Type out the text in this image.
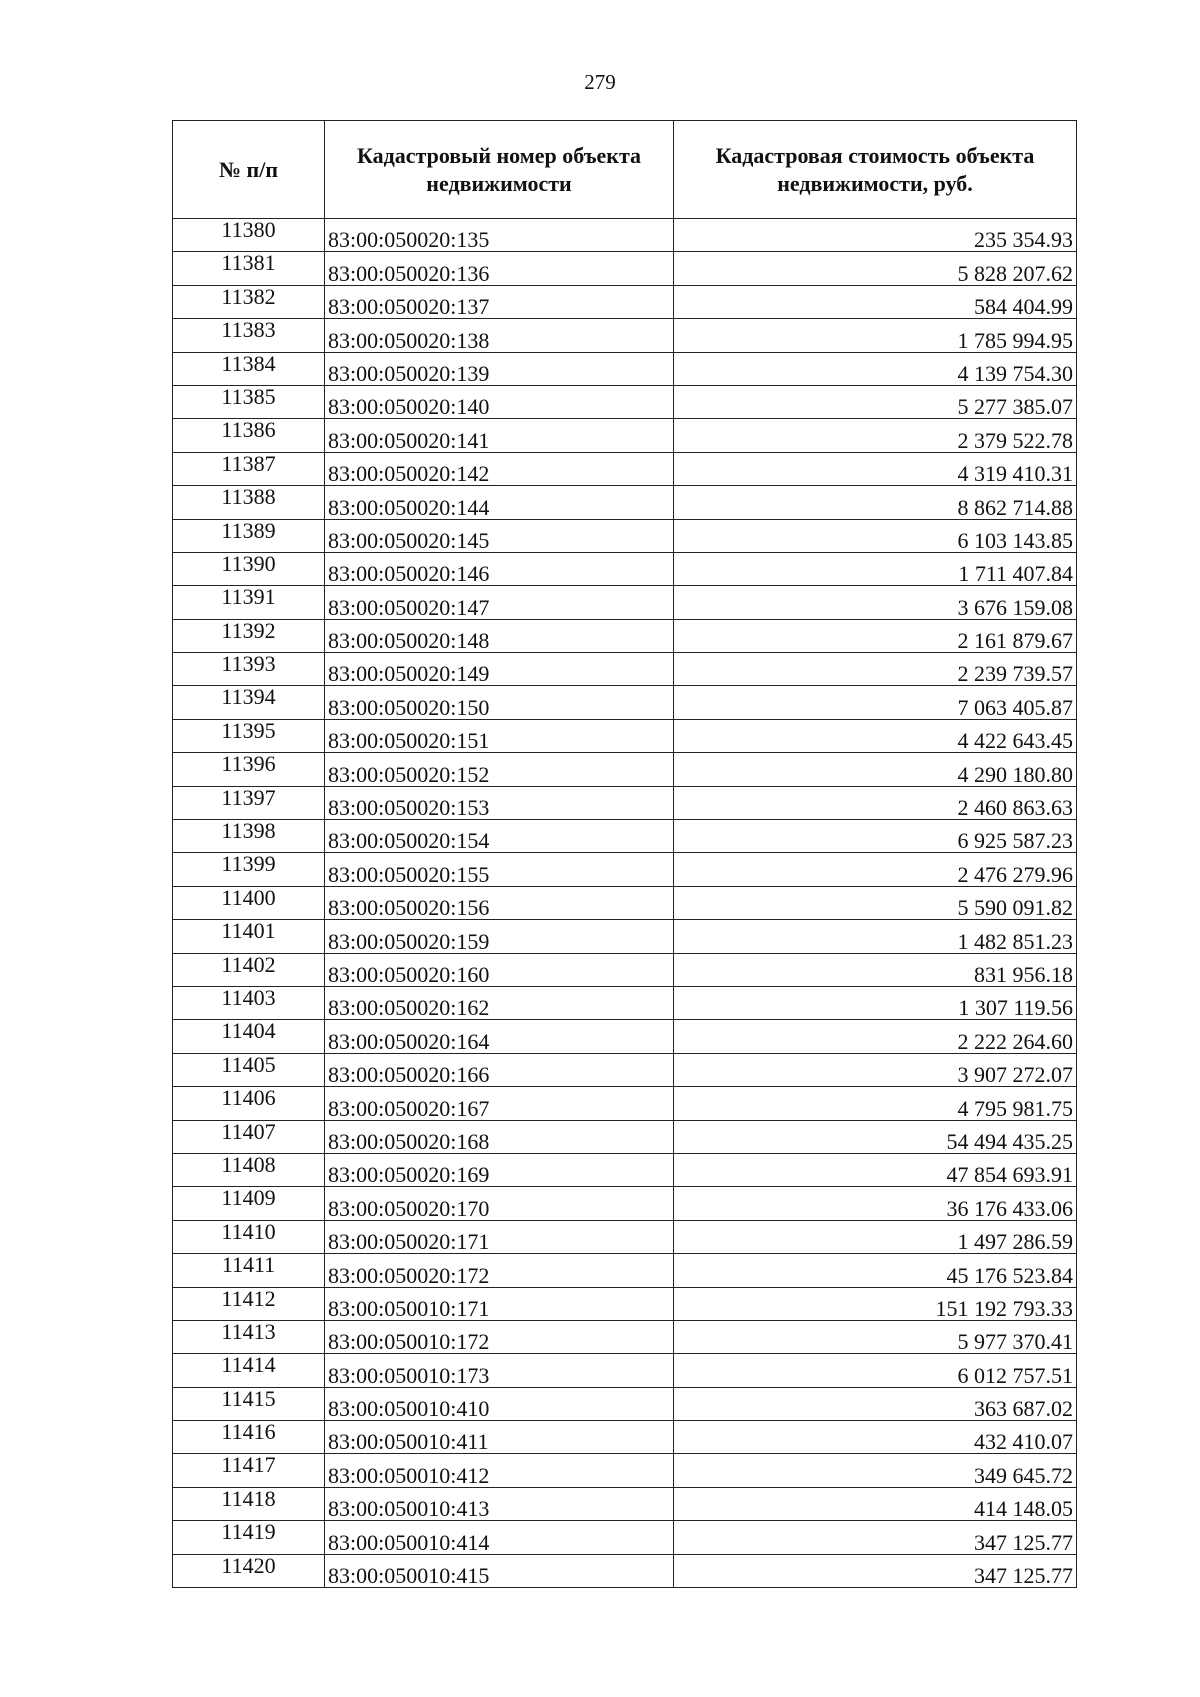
279
№ п/п	Кадастровый номер объекта недвижимости	Кадастровая стоимость объекта недвижимости, руб.
11380	83:00:050020:135	235 354.93
11381	83:00:050020:136	5 828 207.62
11382	83:00:050020:137	584 404.99
11383	83:00:050020:138	1 785 994.95
11384	83:00:050020:139	4 139 754.30
11385	83:00:050020:140	5 277 385.07
11386	83:00:050020:141	2 379 522.78
11387	83:00:050020:142	4 319 410.31
11388	83:00:050020:144	8 862 714.88
11389	83:00:050020:145	6 103 143.85
11390	83:00:050020:146	1 711 407.84
11391	83:00:050020:147	3 676 159.08
11392	83:00:050020:148	2 161 879.67
11393	83:00:050020:149	2 239 739.57
11394	83:00:050020:150	7 063 405.87
11395	83:00:050020:151	4 422 643.45
11396	83:00:050020:152	4 290 180.80
11397	83:00:050020:153	2 460 863.63
11398	83:00:050020:154	6 925 587.23
11399	83:00:050020:155	2 476 279.96
11400	83:00:050020:156	5 590 091.82
11401	83:00:050020:159	1 482 851.23
11402	83:00:050020:160	831 956.18
11403	83:00:050020:162	1 307 119.56
11404	83:00:050020:164	2 222 264.60
11405	83:00:050020:166	3 907 272.07
11406	83:00:050020:167	4 795 981.75
11407	83:00:050020:168	54 494 435.25
11408	83:00:050020:169	47 854 693.91
11409	83:00:050020:170	36 176 433.06
11410	83:00:050020:171	1 497 286.59
11411	83:00:050020:172	45 176 523.84
11412	83:00:050010:171	151 192 793.33
11413	83:00:050010:172	5 977 370.41
11414	83:00:050010:173	6 012 757.51
11415	83:00:050010:410	363 687.02
11416	83:00:050010:411	432 410.07
11417	83:00:050010:412	349 645.72
11418	83:00:050010:413	414 148.05
11419	83:00:050010:414	347 125.77
11420	83:00:050010:415	347 125.77
